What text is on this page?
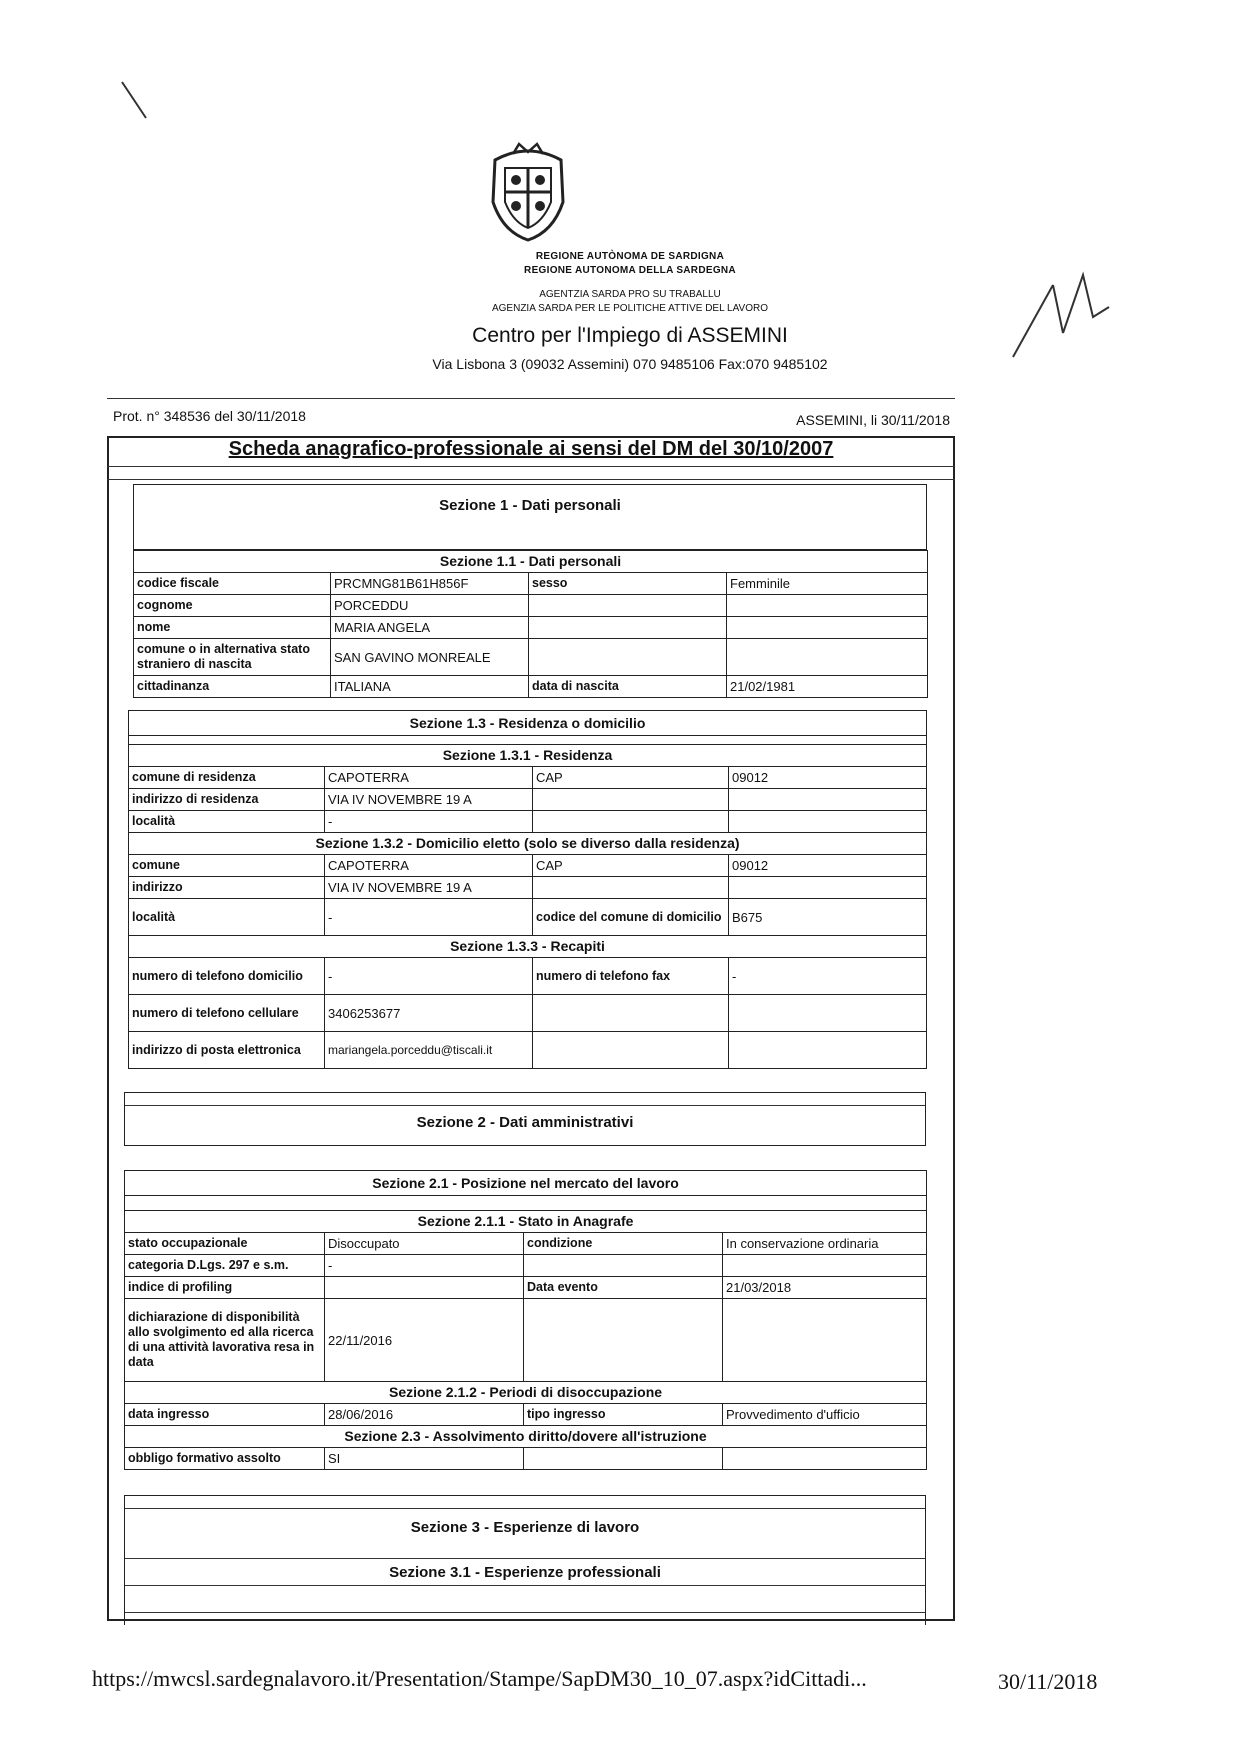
REGIONE AUTÒNOMA DE SARDIGNA
REGIONE AUTONOMA DELLA SARDEGNA
AGENTZIA SARDA PRO SU TRABALLU
AGENZIA SARDA PER LE POLITICHE ATTIVE DEL LAVORO
Centro per l'Impiego di ASSEMINI
Via Lisbona 3 (09032 Assemini) 070 9485106 Fax:070 9485102
Prot. n° 348536 del 30/11/2018	ASSEMINI, li 30/11/2018
Scheda anagrafico-professionale ai sensi del DM del 30/10/2007
Sezione 1 - Dati personali
Sezione 1.1 - Dati personali			
codice fiscale	PRCMNG81B61H856F	sesso	Femminile
cognome	PORCEDDU		
nome	MARIA ANGELA		
comune o in alternativa stato straniero di nascita	SAN GAVINO MONREALE		
cittadinanza	ITALIANA	data di nascita	21/02/1981
Sezione 1.3 - Residenza o domicilio			

Sezione 1.3.1 - Residenza			
comune di residenza	CAPOTERRA	CAP	09012
indirizzo di residenza	VIA IV NOVEMBRE 19 A		
località	-		
Sezione 1.3.2 - Domicilio eletto (solo se diverso dalla residenza)			
comune	CAPOTERRA	CAP	09012
indirizzo	VIA IV NOVEMBRE 19 A		
località	-	codice del comune di domicilio	B675
Sezione 1.3.3 - Recapiti			
numero di telefono domicilio	-	numero di telefono fax	-
numero di telefono cellulare	3406253677		
indirizzo di posta elettronica	mariangela.porceddu@tiscali.it		
Sezione 2 - Dati amministrativi
Sezione 2.1 - Posizione nel mercato del lavoro			

Sezione 2.1.1 - Stato in Anagrafe			
stato occupazionale	Disoccupato	condizione	In conservazione ordinaria
categoria D.Lgs. 297 e s.m.	-		
indice di profiling		Data evento	21/03/2018
dichiarazione di disponibilità allo svolgimento ed alla ricerca di una attività lavorativa resa in data	22/11/2016		
Sezione 2.1.2 - Periodi di disoccupazione			
data ingresso	28/06/2016	tipo ingresso	Provvedimento d'ufficio
Sezione 2.3 - Assolvimento diritto/dovere all'istruzione			
obbligo formativo assolto	SI		
Sezione 3 - Esperienze di lavoro
Sezione 3.1 - Esperienze professionali
https://mwcsl.sardegnalavoro.it/Presentation/Stampe/SapDM30_10_07.aspx?idCittadi...	30/11/2018
